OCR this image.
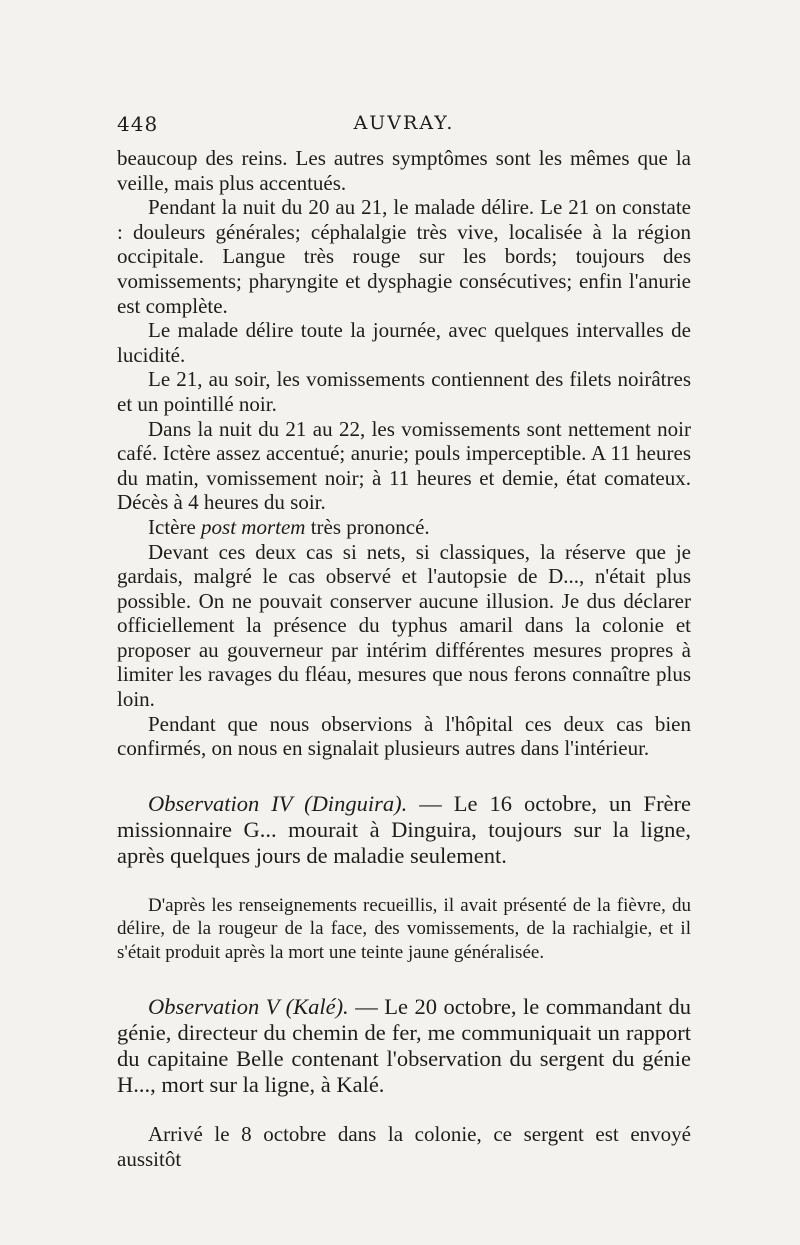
448	AUVRAY.

beaucoup des reins. Les autres symptômes sont les mêmes que la veille, mais plus accentués.

Pendant la nuit du 20 au 21, le malade délire. Le 21 on constate : douleurs générales; céphalalgie très vive, localisée à la région occipitale. Langue très rouge sur les bords; toujours des vomissements; pharyngite et dysphagie consécutives; enfin l'anurie est complète.

Le malade délire toute la journée, avec quelques intervalles de lucidité.

Le 21, au soir, les vomissements contiennent des filets noirâtres et un pointillé noir.

Dans la nuit du 21 au 22, les vomissements sont nettement noir café. Ictère assez accentué; anurie; pouls imperceptible. A 11 heures du matin, vomissement noir; à 11 heures et demie, état comateux. Décès à 4 heures du soir.

Ictère post mortem très prononcé.

Devant ces deux cas si nets, si classiques, la réserve que je gardais, malgré le cas observé et l'autopsie de D..., n'était plus possible. On ne pouvait conserver aucune illusion. Je dus déclarer officiellement la présence du typhus amaril dans la colonie et proposer au gouverneur par intérim différentes mesures propres à limiter les ravages du fléau, mesures que nous ferons connaître plus loin.

Pendant que nous observions à l'hôpital ces deux cas bien confirmés, on nous en signalait plusieurs autres dans l'intérieur.

Observation IV (Dinguira). — Le 16 octobre, un Frère missionnaire G... mourait à Dinguira, toujours sur la ligne, après quelques jours de maladie seulement.

D'après les renseignements recueillis, il avait présenté de la fièvre, du délire, de la rougeur de la face, des vomissements, de la rachialgie, et il s'était produit après la mort une teinte jaune généralisée.

Observation V (Kalé). — Le 20 octobre, le commandant du génie, directeur du chemin de fer, me communiquait un rapport du capitaine Belle contenant l'observation du sergent du génie H..., mort sur la ligne, à Kalé.

Arrivé le 8 octobre dans la colonie, ce sergent est envoyé aussitôt
